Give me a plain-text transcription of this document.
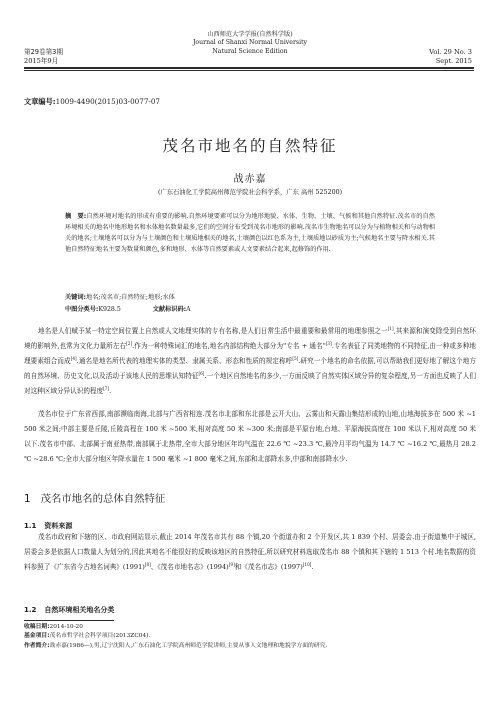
山西师范大学学报(自然科学版)
Journal of Shanxi Normal University
Natural Science Edition
第29卷第3期
2015年9月
Vol. 29 No. 3
Sept. 2015
文章编号:1009-4490(2015)03-0077-07
茂名市地名的自然特征
战赤嘉
(广东石油化工学院高州师范学院社会科学系，广东 高州 525200)
摘　要:自然环境对地名的形成有重要的影响.自然环境要素可以分为地形地貌、水体、生物、土壤、气候和其他自然特征.茂名市的自然环境相关的地名中地形地名和水体地名数量最多,它们的空间分布受到茂名市地形的影响.茂名市生物地名可以分为与植物相关和与动物相关的地名;土壤地名可以分为与土壤颜色和土壤质地相关的地名,土壤颜色以红色系为主,土壤质地以砂质为主;气候地名主要与降水相关.其他自然特征地名主要为数量和颜色,多和地形、水体等自然要素或人文要素结合起来,起修饰的作用.
关键词:地名;茂名市;自然特征;地形;水体
中图分类号:K928.5	文献标识码:A
地名是人们赋予某一特定空间位置上自然或人文地理实体的专有名称,是人们日常生活中最重要和最常用的地理参照之一[1],其来源和演变除受到自然环境的影响外,也常为文化力量所左右[2].作为一种特殊词汇的地名,地名内部结构绝大部分为"专名 + 通名"[3].专名表征了同类地物的不同特征,由一种或多种地理要素组合而成[4].通名是地名所代表的地理实体的类型、隶属关系、形态和性质的规定称呼[5].研究一个地名的命名依据,可以帮助我们更好地了解这个地方的自然环境、历史文化,以及活动于该地人民的思维认知特征[6].一个地区自然地名的多少,一方面反映了自然实体区域分异的复杂程度,另一方面也反映了人们对这种区域分异认识的程度[7].
茂名市位于广东省西部,南部濒临南海,北部与广西省相连.茂名市北部和东北部是云开大山、云雾山和天露山集结形成的山地,山地海拔多在 500 米 ~1 500 米之间;中部主要是丘陵,丘陵高程在 100 米 ~500 米,相对高度 50 米 ~300 米;南部是平原台地,台地、平原海拔高度在 100 米以下,相对高度 50 米以下.茂名市中部、北部属于南亚热带,南部属于北热带,全市大部分地区年均气温在 22.6 ℃ ~23.3 ℃,最冷月平均气温为 14.7 ℃ ~16.2 ℃,最热月 28.2 ℃ ~28.6 ℃;全市大部分地区年降水量在 1 500 毫米 ~1 800 毫米之间,东部和北部降水多,中部和南部降水少.
1 茂名市地名的总体自然特征
1.1 资料来源
茂名市政府和下辖的区、市政府网站显示,截止 2014 年茂名市共有 88 个镇,20 个街道办和 2 个开发区,共 1 839 个村、居委会.由于街道集中于城区,居委会多是依据人口数量人为划分的,因此其地名不能很好的反映该地区的自然特征,所以研究材料选取茂名市 88 个镇和其下辖的 1 513 个村.地名数据的资料参照了《广东省今古地名词典》(1991)[8]、《茂名市地名志》(1994)[9]和《茂名市志》(1997)[10].
1.2 自然环境相关地名分类
收稿日期:2014-10-20
基金项目:茂名市哲学社会科学项目(2013ZC04).
作者简介:战赤嘉(1986—),男,辽宁沈阳人,广东石油化工学院高州师范学院讲师,主要从事人文地理和地貌学方面的研究.
